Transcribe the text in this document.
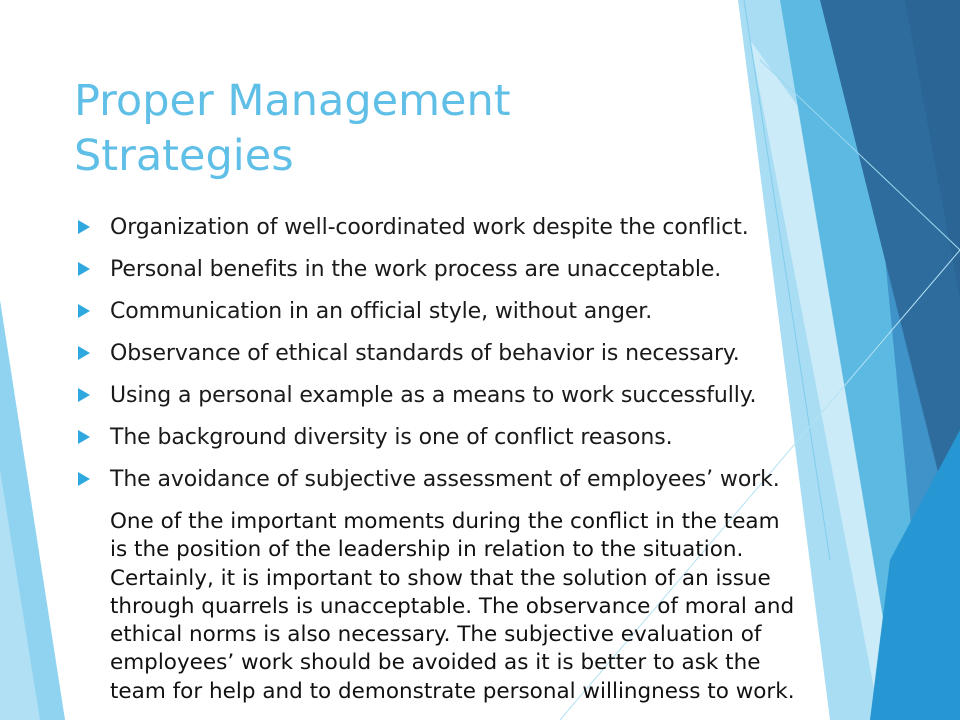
Proper Management
Strategies
Organization of well-coordinated work despite the conflict.
Personal benefits in the work process are unacceptable.
Communication in an official style, without anger.
Observance of ethical standards of behavior is necessary.
Using a personal example as a means to work successfully.
The background diversity is one of conflict reasons.
The avoidance of subjective assessment of employees’ work.

One of the important moments during the conflict in the team
is the position of the leadership in relation to the situation.
Certainly, it is important to show that the solution of an issue
through quarrels is unacceptable. The observance of moral and
ethical norms is also necessary. The subjective evaluation of
employees’ work should be avoided as it is better to ask the
team for help and to demonstrate personal willingness to work.
